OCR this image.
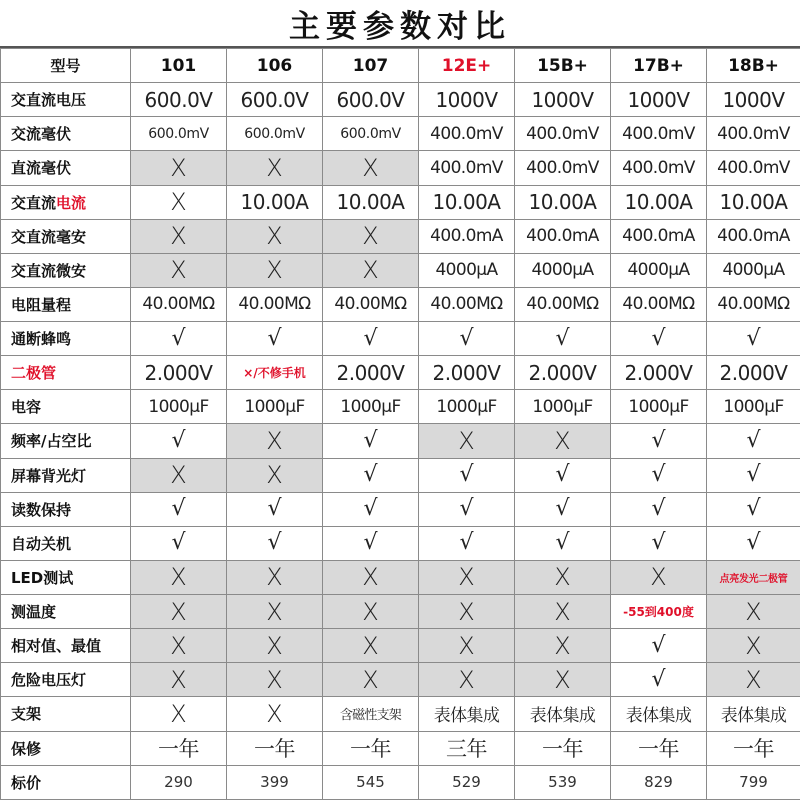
主要参数对比
型号	101	106	107	12E+	15B+	17B+	18B+
交直流电压	600.0V	600.0V	600.0V	1000V	1000V	1000V	1000V
交流毫伏	600.0mV	600.0mV	600.0mV	400.0mV	400.0mV	400.0mV	400.0mV
直流毫伏	X	X	X	400.0mV	400.0mV	400.0mV	400.0mV
交直流电流	X	10.00A	10.00A	10.00A	10.00A	10.00A	10.00A
交直流毫安	X	X	X	400.0mA	400.0mA	400.0mA	400.0mA
交直流微安	X	X	X	4000μA	4000μA	4000μA	4000μA
电阻量程	40.00MΩ	40.00MΩ	40.00MΩ	40.00MΩ	40.00MΩ	40.00MΩ	40.00MΩ
通断蜂鸣	√	√	√	√	√	√	√
二极管	2.000V	×/不修手机	2.000V	2.000V	2.000V	2.000V	2.000V
电容	1000μF	1000μF	1000μF	1000μF	1000μF	1000μF	1000μF
频率/占空比	√	X	√	X	X	√	√
屏幕背光灯	X	X	√	√	√	√	√
读数保持	√	√	√	√	√	√	√
自动关机	√	√	√	√	√	√	√
LED测试	X	X	X	X	X	X	点亮发光二极管
测温度	X	X	X	X	X	-55到400度	X
相对值、最值	X	X	X	X	X	√	X
危险电压灯	X	X	X	X	X	√	X
支架	X	X	含磁性支架	表体集成	表体集成	表体集成	表体集成
保修	一年	一年	一年	三年	一年	一年	一年
标价	290	399	545	529	539	829	799
